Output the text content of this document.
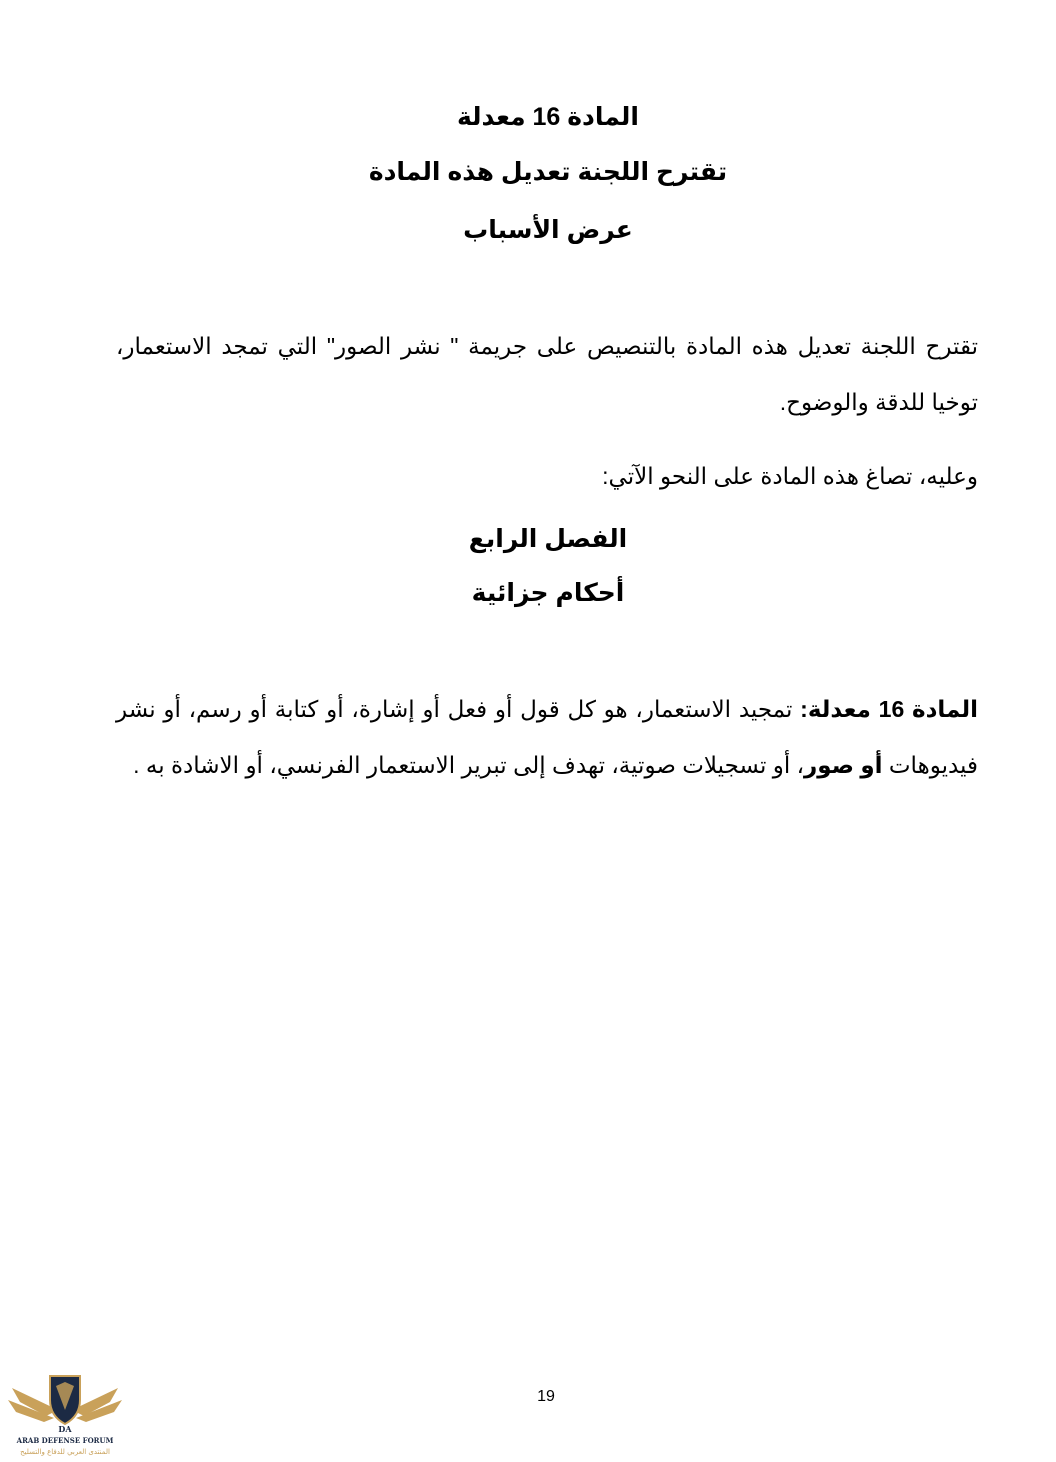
المادة 16 معدلة
تقترح اللجنة تعديل هذه المادة
عرض الأسباب

تقترح اللجنة تعديل هذه المادة بالتنصيص على جريمة " نشر الصور" التي تمجد الاستعمار، توخيا للدقة والوضوح.

وعليه، تصاغ هذه المادة على النحو الآتي:

الفصل الرابع
أحكام جزائية

المادة 16 معدلة: تمجيد الاستعمار، هو كل قول أو فعل أو إشارة، أو كتابة أو رسم، أو نشر فيديوهات أو صور، أو تسجيلات صوتية، تهدف إلى تبرير الاستعمار الفرنسي، أو الاشادة به .

19
DA
ARAB DEFENSE FORUM
المنتدى العربي للدفاع والتسليح
